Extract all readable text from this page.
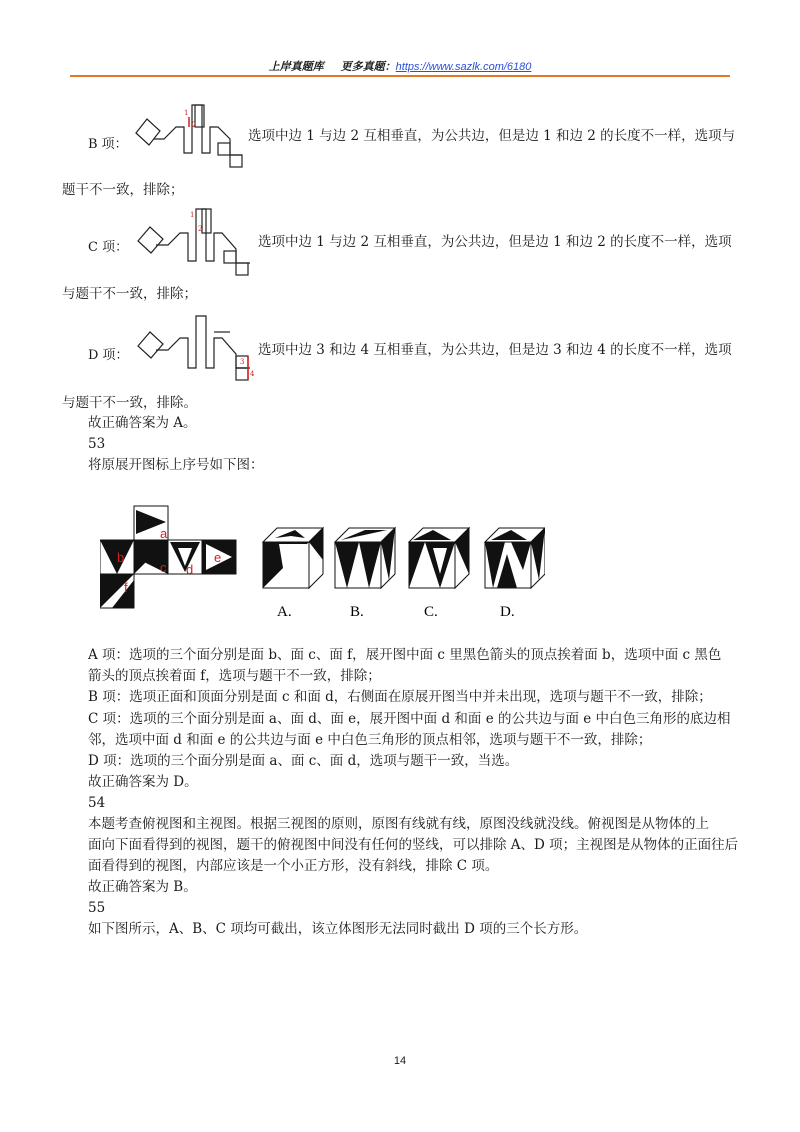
上岸真题库 更多真题：https://www.sazlk.com/6180
B 项：
1
2
选项中边 1 与边 2 互相垂直，为公共边，但是边 1 和边 2 的长度不一样，选项与
题干不一致，排除；
C 项：
1
2
选项中边 1 与边 2 互相垂直，为公共边，但是边 1 和边 2 的长度不一样，选项
与题干不一致，排除；
D 项：	3
4
选项中边 3 和边 4 互相垂直，为公共边，但是边 3 和边 4 的长度不一样，选项
与题干不一致，排除。
故正确答案为 A。
53
将原展开图标上序号如下图：
a
b
c d
e
f
A.	B.	C.	D.
A 项：选项的三个面分别是面 b、面 c、面 f，展开图中面 c 里黑色箭头的顶点挨着面 b，选项中面 c 黑色
箭头的顶点挨着面 f，选项与题干不一致，排除；
B 项：选项正面和顶面分别是面 c 和面 d，右侧面在原展开图当中并未出现，选项与题干不一致，排除；
C 项：选项的三个面分别是面 a、面 d、面 e，展开图中面 d 和面 e 的公共边与面 e 中白色三角形的底边相
邻，选项中面 d 和面 e 的公共边与面 e 中白色三角形的顶点相邻，选项与题干不一致，排除；
D 项：选项的三个面分别是面 a、面 c、面 d，选项与题干一致，当选。
故正确答案为 D。
54
本题考查俯视图和主视图。根据三视图的原则，原图有线就有线，原图没线就没线。俯视图是从物体的上
面向下面看得到的视图，题干的俯视图中间没有任何的竖线，可以排除 A、D 项；主视图是从物体的正面往后
面看得到的视图，内部应该是一个小正方形，没有斜线，排除 C 项。
故正确答案为 B。
55
如下图所示，A、B、C 项均可截出，该立体图形无法同时截出 D 项的三个长方形。
14
